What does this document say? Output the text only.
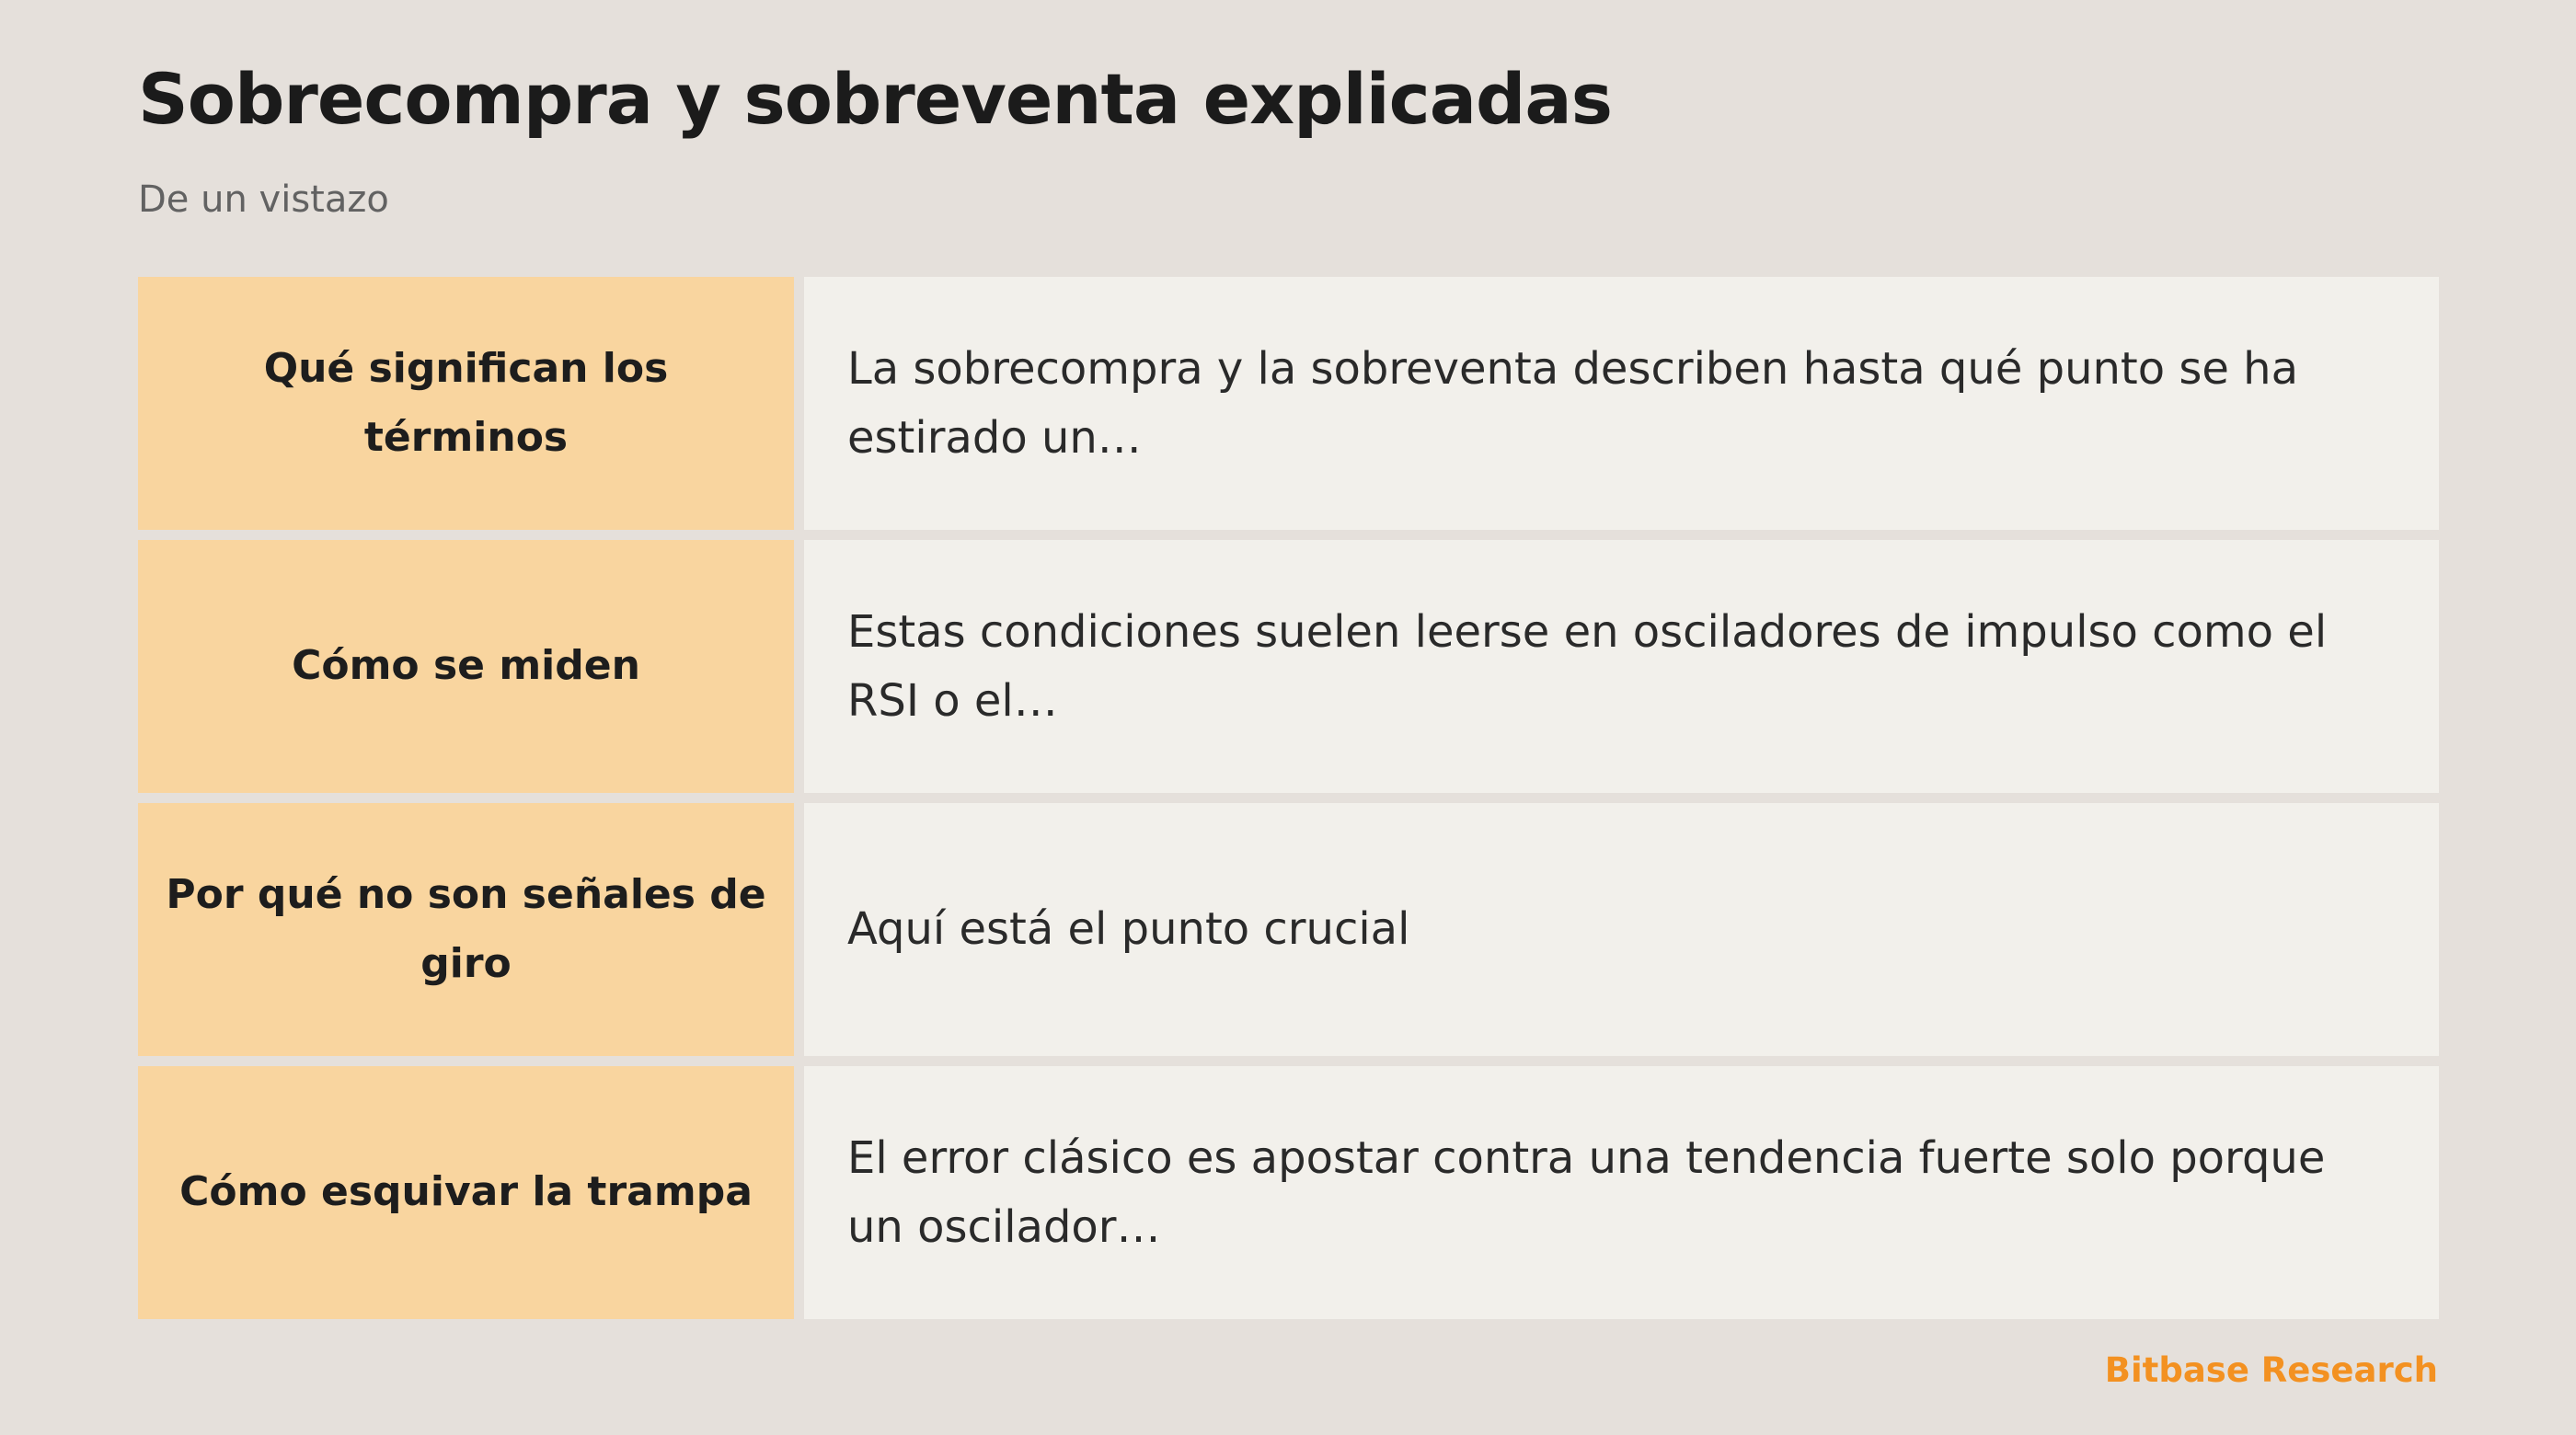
Sobrecompra y sobreventa explicadas

De un vistazo

Qué significan los términos
La sobrecompra y la sobreventa describen hasta qué punto se ha estirado un…
Cómo se miden
Estas condiciones suelen leerse en osciladores de impulso como el RSI o el…
Por qué no son señales de giro
Aquí está el punto crucial
Cómo esquivar la trampa
El error clásico es apostar contra una tendencia fuerte solo porque un oscilador…
Bitbase Research
